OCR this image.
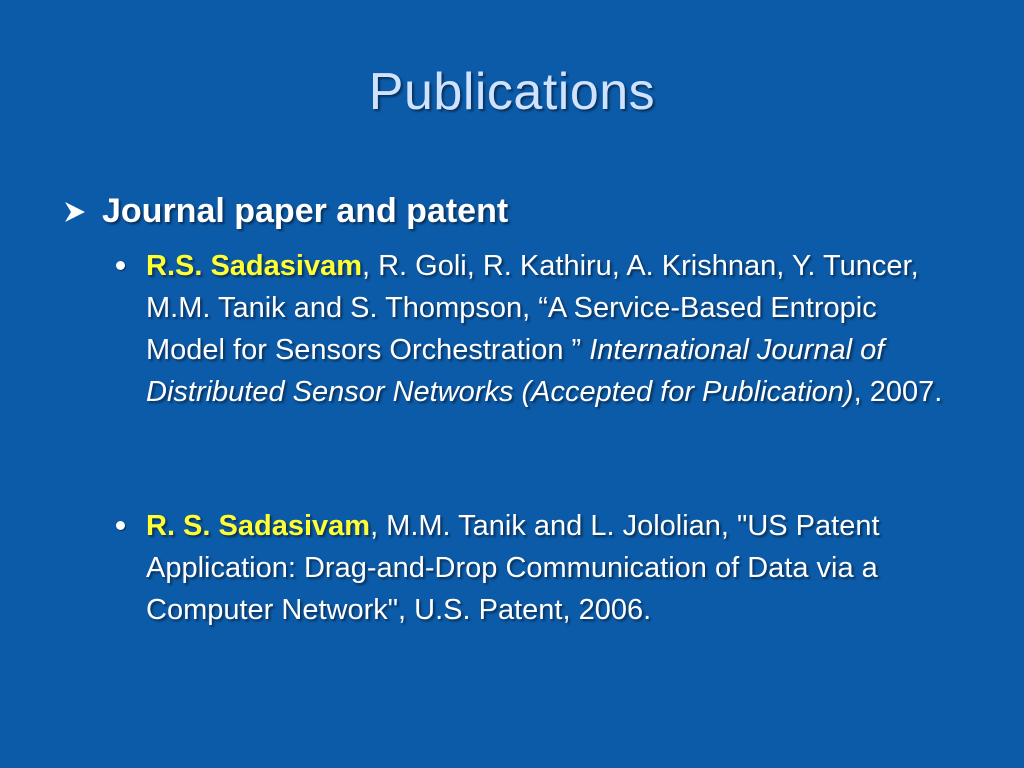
Publications
Journal paper and patent
R.S. Sadasivam, R. Goli, R. Kathiru, A. Krishnan, Y. Tuncer, M.M. Tanik and S. Thompson, “A Service-Based Entropic Model for Sensors Orchestration ” International Journal of Distributed Sensor Networks (Accepted for Publication), 2007.
R. S. Sadasivam, M.M. Tanik and L. Jololian, "US Patent Application: Drag-and-Drop Communication of Data via a Computer Network", U.S. Patent, 2006.
